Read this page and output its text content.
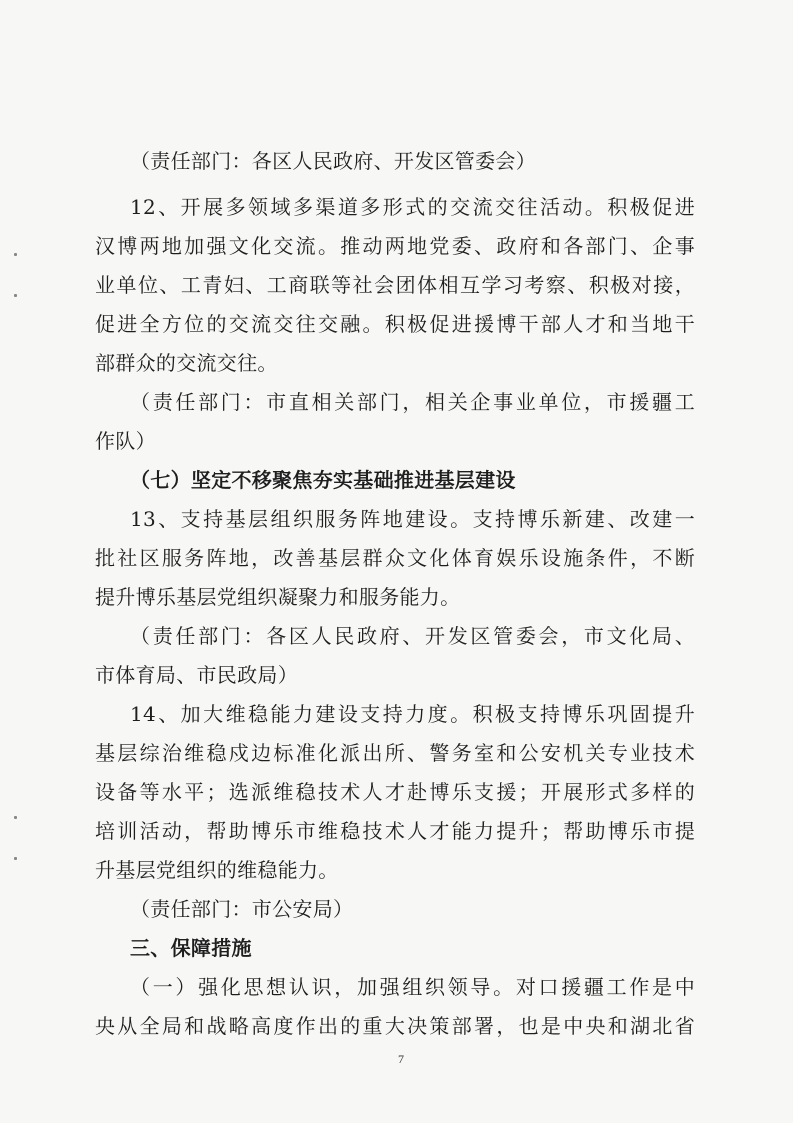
（责任部门：各区人民政府、开发区管委会）
12、开展多领域多渠道多形式的交流交往活动。积极促进
汉博两地加强文化交流。推动两地党委、政府和各部门、企事
业单位、工青妇、工商联等社会团体相互学习考察、积极对接，
促进全方位的交流交往交融。积极促进援博干部人才和当地干
部群众的交流交往。
（责任部门：市直相关部门，相关企事业单位，市援疆工
作队）
（七）坚定不移聚焦夯实基础推进基层建设
13、支持基层组织服务阵地建设。支持博乐新建、改建一
批社区服务阵地，改善基层群众文化体育娱乐设施条件，不断
提升博乐基层党组织凝聚力和服务能力。
（责任部门：各区人民政府、开发区管委会，市文化局、
市体育局、市民政局）
14、加大维稳能力建设支持力度。积极支持博乐巩固提升
基层综治维稳戍边标准化派出所、警务室和公安机关专业技术
设备等水平；选派维稳技术人才赴博乐支援；开展形式多样的
培训活动，帮助博乐市维稳技术人才能力提升；帮助博乐市提
升基层党组织的维稳能力。
（责任部门：市公安局）
三、保障措施
（一）强化思想认识，加强组织领导。对口援疆工作是中
央从全局和战略高度作出的重大决策部署，也是中央和湖北省
7
